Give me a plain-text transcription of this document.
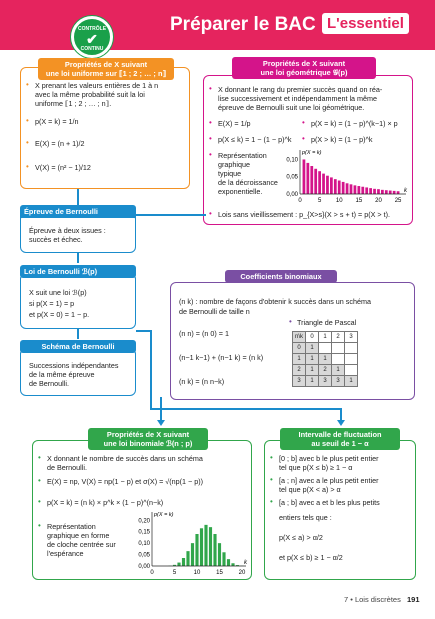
CONTRÔLE
✔
CONTINU
Préparer le BAC L'essentiel
• X prenant les valeurs entières de 1 à n
avec la même probabilité suit la loi
uniforme ⟦1 ; 2 ; … ; n⟧.
• p(X = k) = 1/n
• E(X) = (n + 1)/2
• V(X) = (n² − 1)/12
Propriétés de X suivant
une loi uniforme sur ⟦1 ; 2 ; … ; n⟧
• X donnant le rang du premier succès quand on réa-
lise successivement et indépendamment la même
épreuve de Bernoulli suit une loi géométrique.
• E(X) = 1/p	• p(X = k) = (1 − p)^(k−1) × p
• p(X ≤ k) = 1 − (1 − p)^k • p(X > k) = (1 − p)^k
• Représentation
graphique
typique
de la décroissance
exponentielle.
• Lois sans vieillissement : p_{X>s}(X > s + t) = p(X > t).
Propriétés de X suivant
une loi géométrique 𝒢(p)
0	5 10 15 20 25
0,00
0,05
0,10
p(X = k)
k
Épreuve à deux issues :
succès et échec.
Épreuve de Bernoulli
X suit une loi ℬ(p)
si p(X = 1) = p
et p(X = 0) = 1 − p.
Loi de Bernoulli ℬ(p)
Successions indépendantes
de la même épreuve
de Bernoulli.
Schéma de Bernoulli
(n k) : nombre de façons d'obtenir k succès dans un schéma
de Bernoulli de taille n
(n n) = (n 0) = 1
(n−1 k−1) + (n−1 k) = (n k)
(n k) = (n n−k)
• Triangle de Pascal
Coefficients binomiaux
n\k	0	1	2	3
0	1			
1	1	1		
2	1	2	1	
3	1	3	3	1
• X donnant le nombre de succès dans un schéma
de Bernoulli.
• E(X) = np, V(X) = np(1 − p) et σ(X) = √(np(1 − p))
• p(X = k) = (n k) × p^k × (1 − p)^(n−k)
• Représentation
graphique en forme
de cloche centrée sur
l'espérance
Propriétés de X suivant
une loi binomiale ℬ(n ; p)
0	5	10	15	20
0,00
0,05
0,10
0,15
0,20
p(X = k)
k
• [0 ; b] avec b le plus petit entier
tel que p(X ≤ b) ≥ 1 − α
• [a ; n] avec a le plus petit entier
tel que p(X < a) > α
• [a ; b] avec a et b les plus petits
entiers tels que :
p(X ≤ a) > α/2
et p(X ≤ b) ≥ 1 − α/2
Intervalle de fluctuation
au seuil de 1 − α
7 • Lois discrètes 191
